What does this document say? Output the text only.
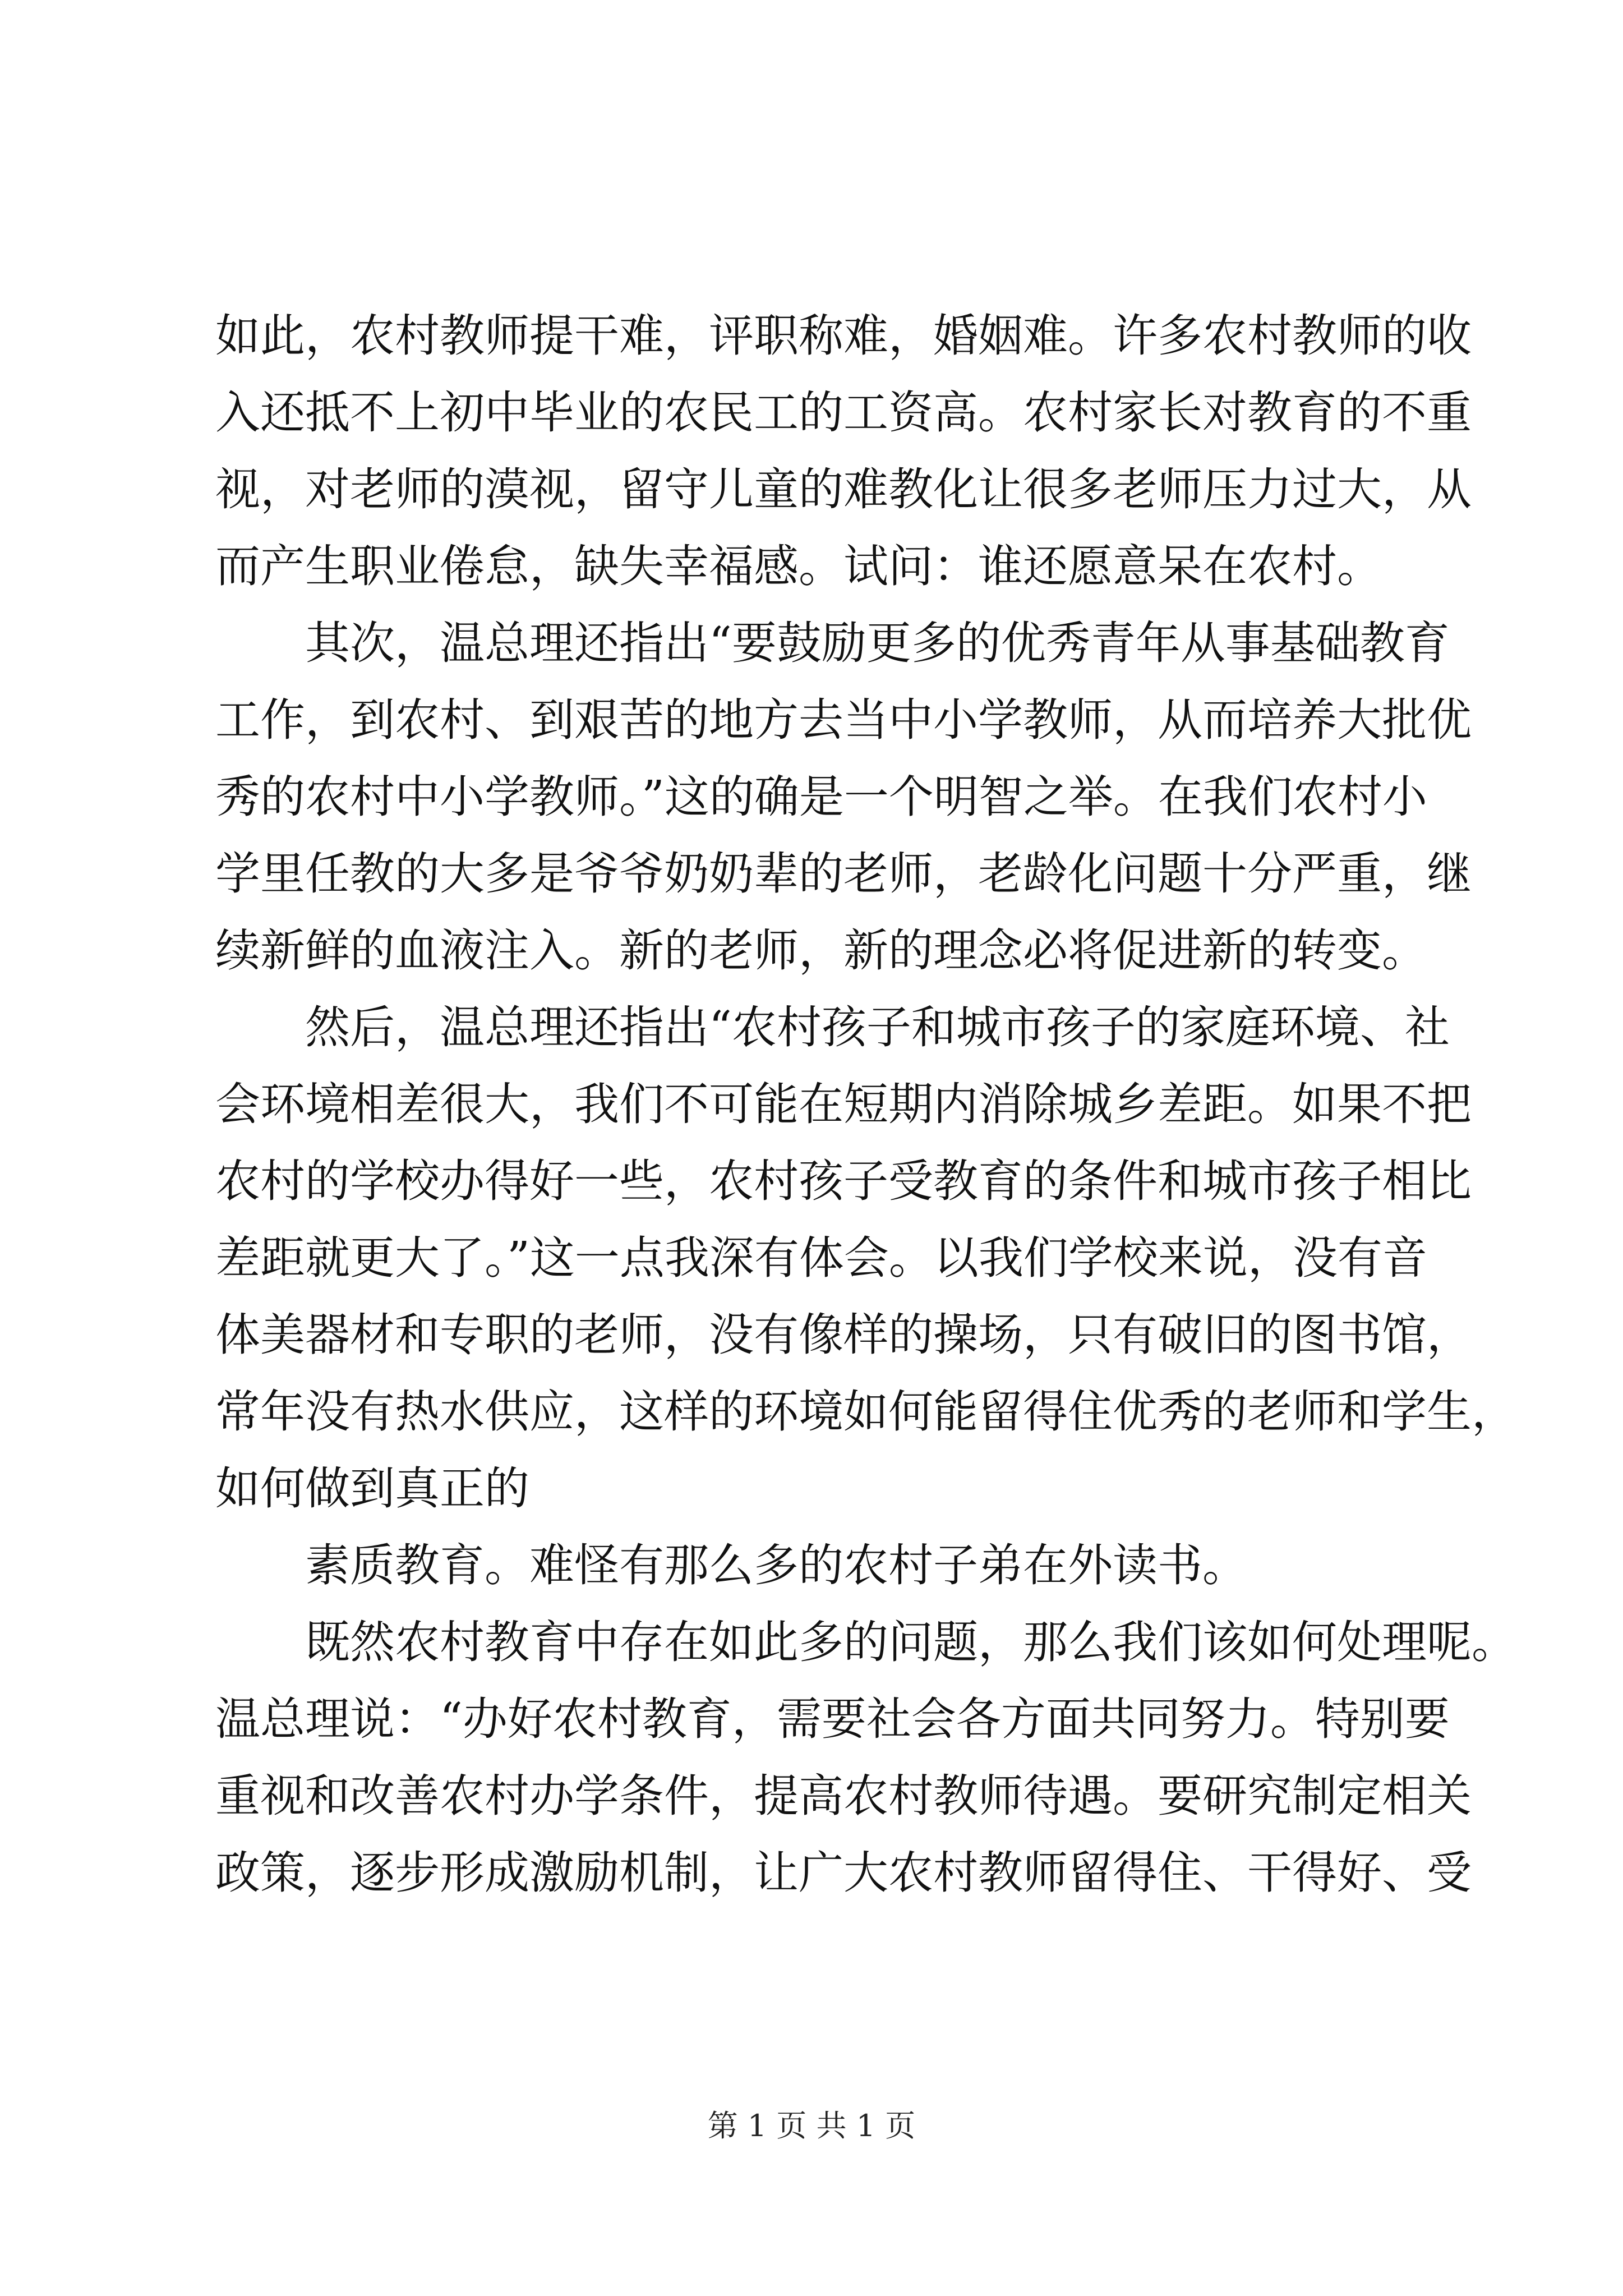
如此，农村教师提干难，评职称难，婚姻难。许多农村教师的收
入还抵不上初中毕业的农民工的工资高。农村家长对教育的不重
视，对老师的漠视，留守儿童的难教化让很多老师压力过大，从
而产生职业倦怠，缺失幸福感。试问：谁还愿意呆在农村。
其次，温总理还指出“要鼓励更多的优秀青年从事基础教育
工作，到农村、到艰苦的地方去当中小学教师，从而培养大批优
秀的农村中小学教师。”这的确是一个明智之举。在我们农村小
学里任教的大多是爷爷奶奶辈的老师，老龄化问题十分严重，继
续新鲜的血液注入。新的老师，新的理念必将促进新的转变。
然后，温总理还指出“农村孩子和城市孩子的家庭环境、社
会环境相差很大，我们不可能在短期内消除城乡差距。如果不把
农村的学校办得好一些，农村孩子受教育的条件和城市孩子相比
差距就更大了。”这一点我深有体会。以我们学校来说，没有音
体美器材和专职的老师，没有像样的操场，只有破旧的图书馆，
常年没有热水供应，这样的环境如何能留得住优秀的老师和学生，
如何做到真正的
素质教育。难怪有那么多的农村子弟在外读书。
既然农村教育中存在如此多的问题，那么我们该如何处理呢。
温总理说：“办好农村教育，需要社会各方面共同努力。特别要
重视和改善农村办学条件，提高农村教师待遇。要研究制定相关
政策，逐步形成激励机制，让广大农村教师留得住、干得好、受
第 1 页 共 1 页
